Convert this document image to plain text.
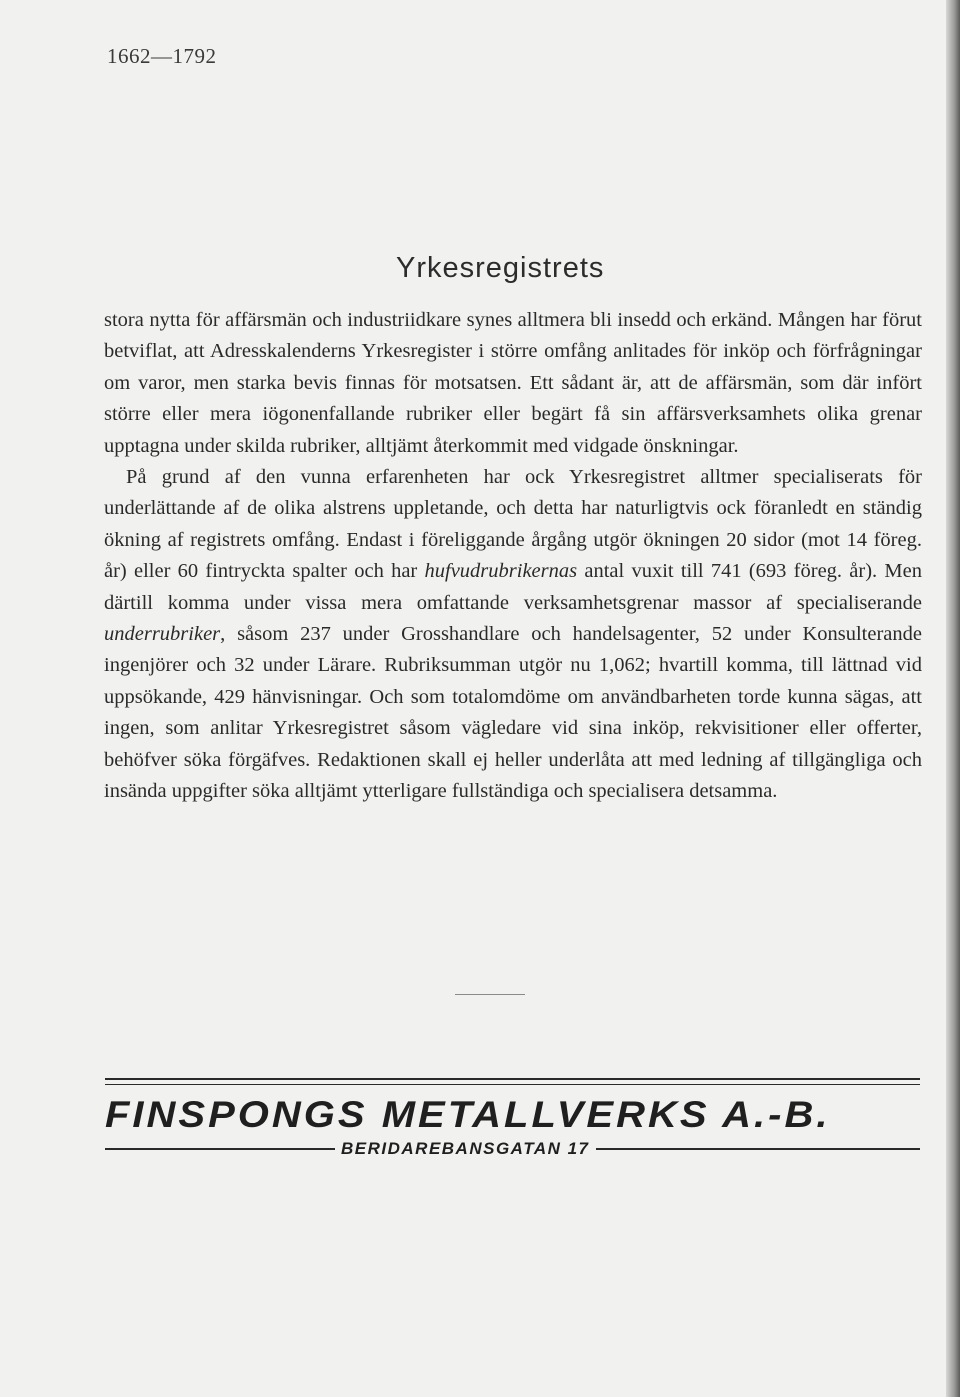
1662—1792
Yrkesregistrets

stora nytta för affärsmän och industriidkare synes alltmera bli insedd och erkänd. Mången har förut betviflat, att Adresskalenderns Yrkesregister i större omfång anlitades för inköp och förfrågningar om varor, men starka bevis finnas för motsatsen. Ett sådant är, att de affärsmän, som där infört större eller mera iögonenfallande rubriker eller begärt få sin affärsverksamhets olika grenar upptagna under skilda rubriker, alltjämt återkommit med vidgade önskningar.

På grund af den vunna erfarenheten har ock Yrkesregistret alltmer specialiserats för underlättande af de olika alstrens uppletande, och detta har naturligtvis ock föranledt en ständig ökning af registrets omfång. Endast i föreliggande årgång utgör ökningen 20 sidor (mot 14 föreg. år) eller 60 fintryckta spalter och har hufvudrubrikernas antal vuxit till 741 (693 föreg. år). Men därtill komma under vissa mera omfattande verksamhetsgrenar massor af specialiserande underrubriker, såsom 237 under Grosshandlare och handelsagenter, 52 under Konsulterande ingenjörer och 32 under Lärare. Rubriksumman utgör nu 1,062; hvartill komma, till lättnad vid uppsökande, 429 hänvisningar. Och som totalomdöme om användbarheten torde kunna sägas, att ingen, som anlitar Yrkesregistret såsom vägledare vid sina inköp, rekvisitioner eller offerter, behöfver söka förgäfves. Redaktionen skall ej heller underlåta att med ledning af tillgängliga och insända uppgifter söka alltjämt ytterligare fullständiga och specialisera detsamma.

FINSPONGS METALLVERKS A.-B.
BERIDAREBANSGATAN 17
